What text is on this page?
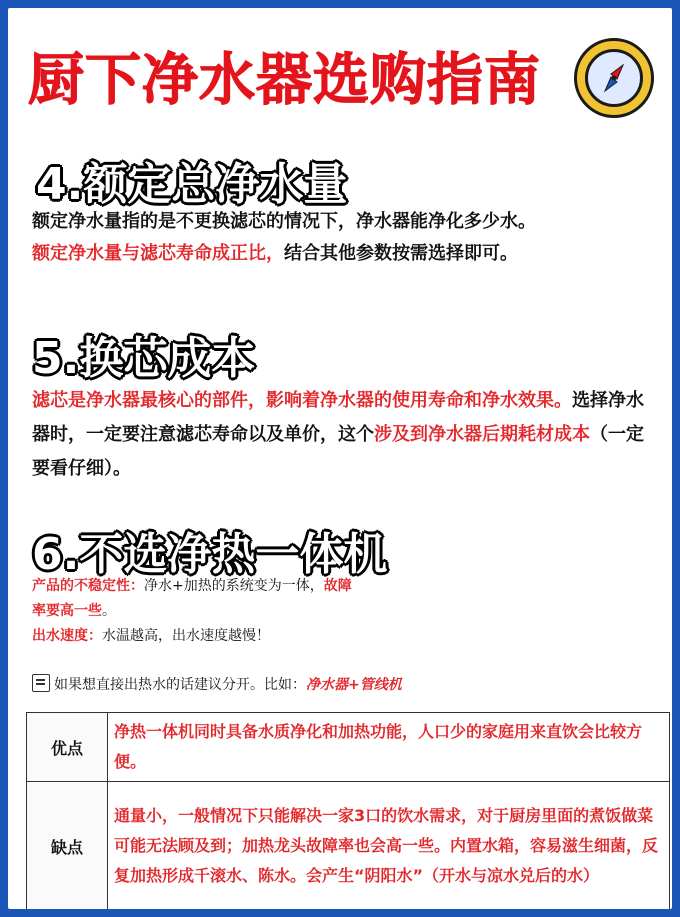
厨下净水器选购指南
4.额定总净水量
额定净水量指的是不更换滤芯的情况下，净水器能净化多少水。
额定净水量与滤芯寿命成正比，结合其他参数按需选择即可。
5.换芯成本
滤芯是净水器最核心的部件，影响着净水器的使用寿命和净水效果。选择净水器时，一定要注意滤芯寿命以及单价，这个涉及到净水器后期耗材成本（一定要看仔细）。
6.不选净热一体机
产品的不稳定性：净水+加热的系统变为一体，故障率要高一些。
出水速度：水温越高，出水速度越慢！
如果想直接出热水的话建议分开。比如：净水器+管线机
优点	净热一体机同时具备水质净化和加热功能，人口少的家庭用来直饮会比较方便。
缺点	通量小，一般情况下只能解决一家3口的饮水需求，对于厨房里面的煮饭做菜可能无法顾及到；加热龙头故障率也会高一些。内置水箱，容易滋生细菌，反复加热形成千滚水、陈水。会产生“阴阳水”（开水与凉水兑后的水）
